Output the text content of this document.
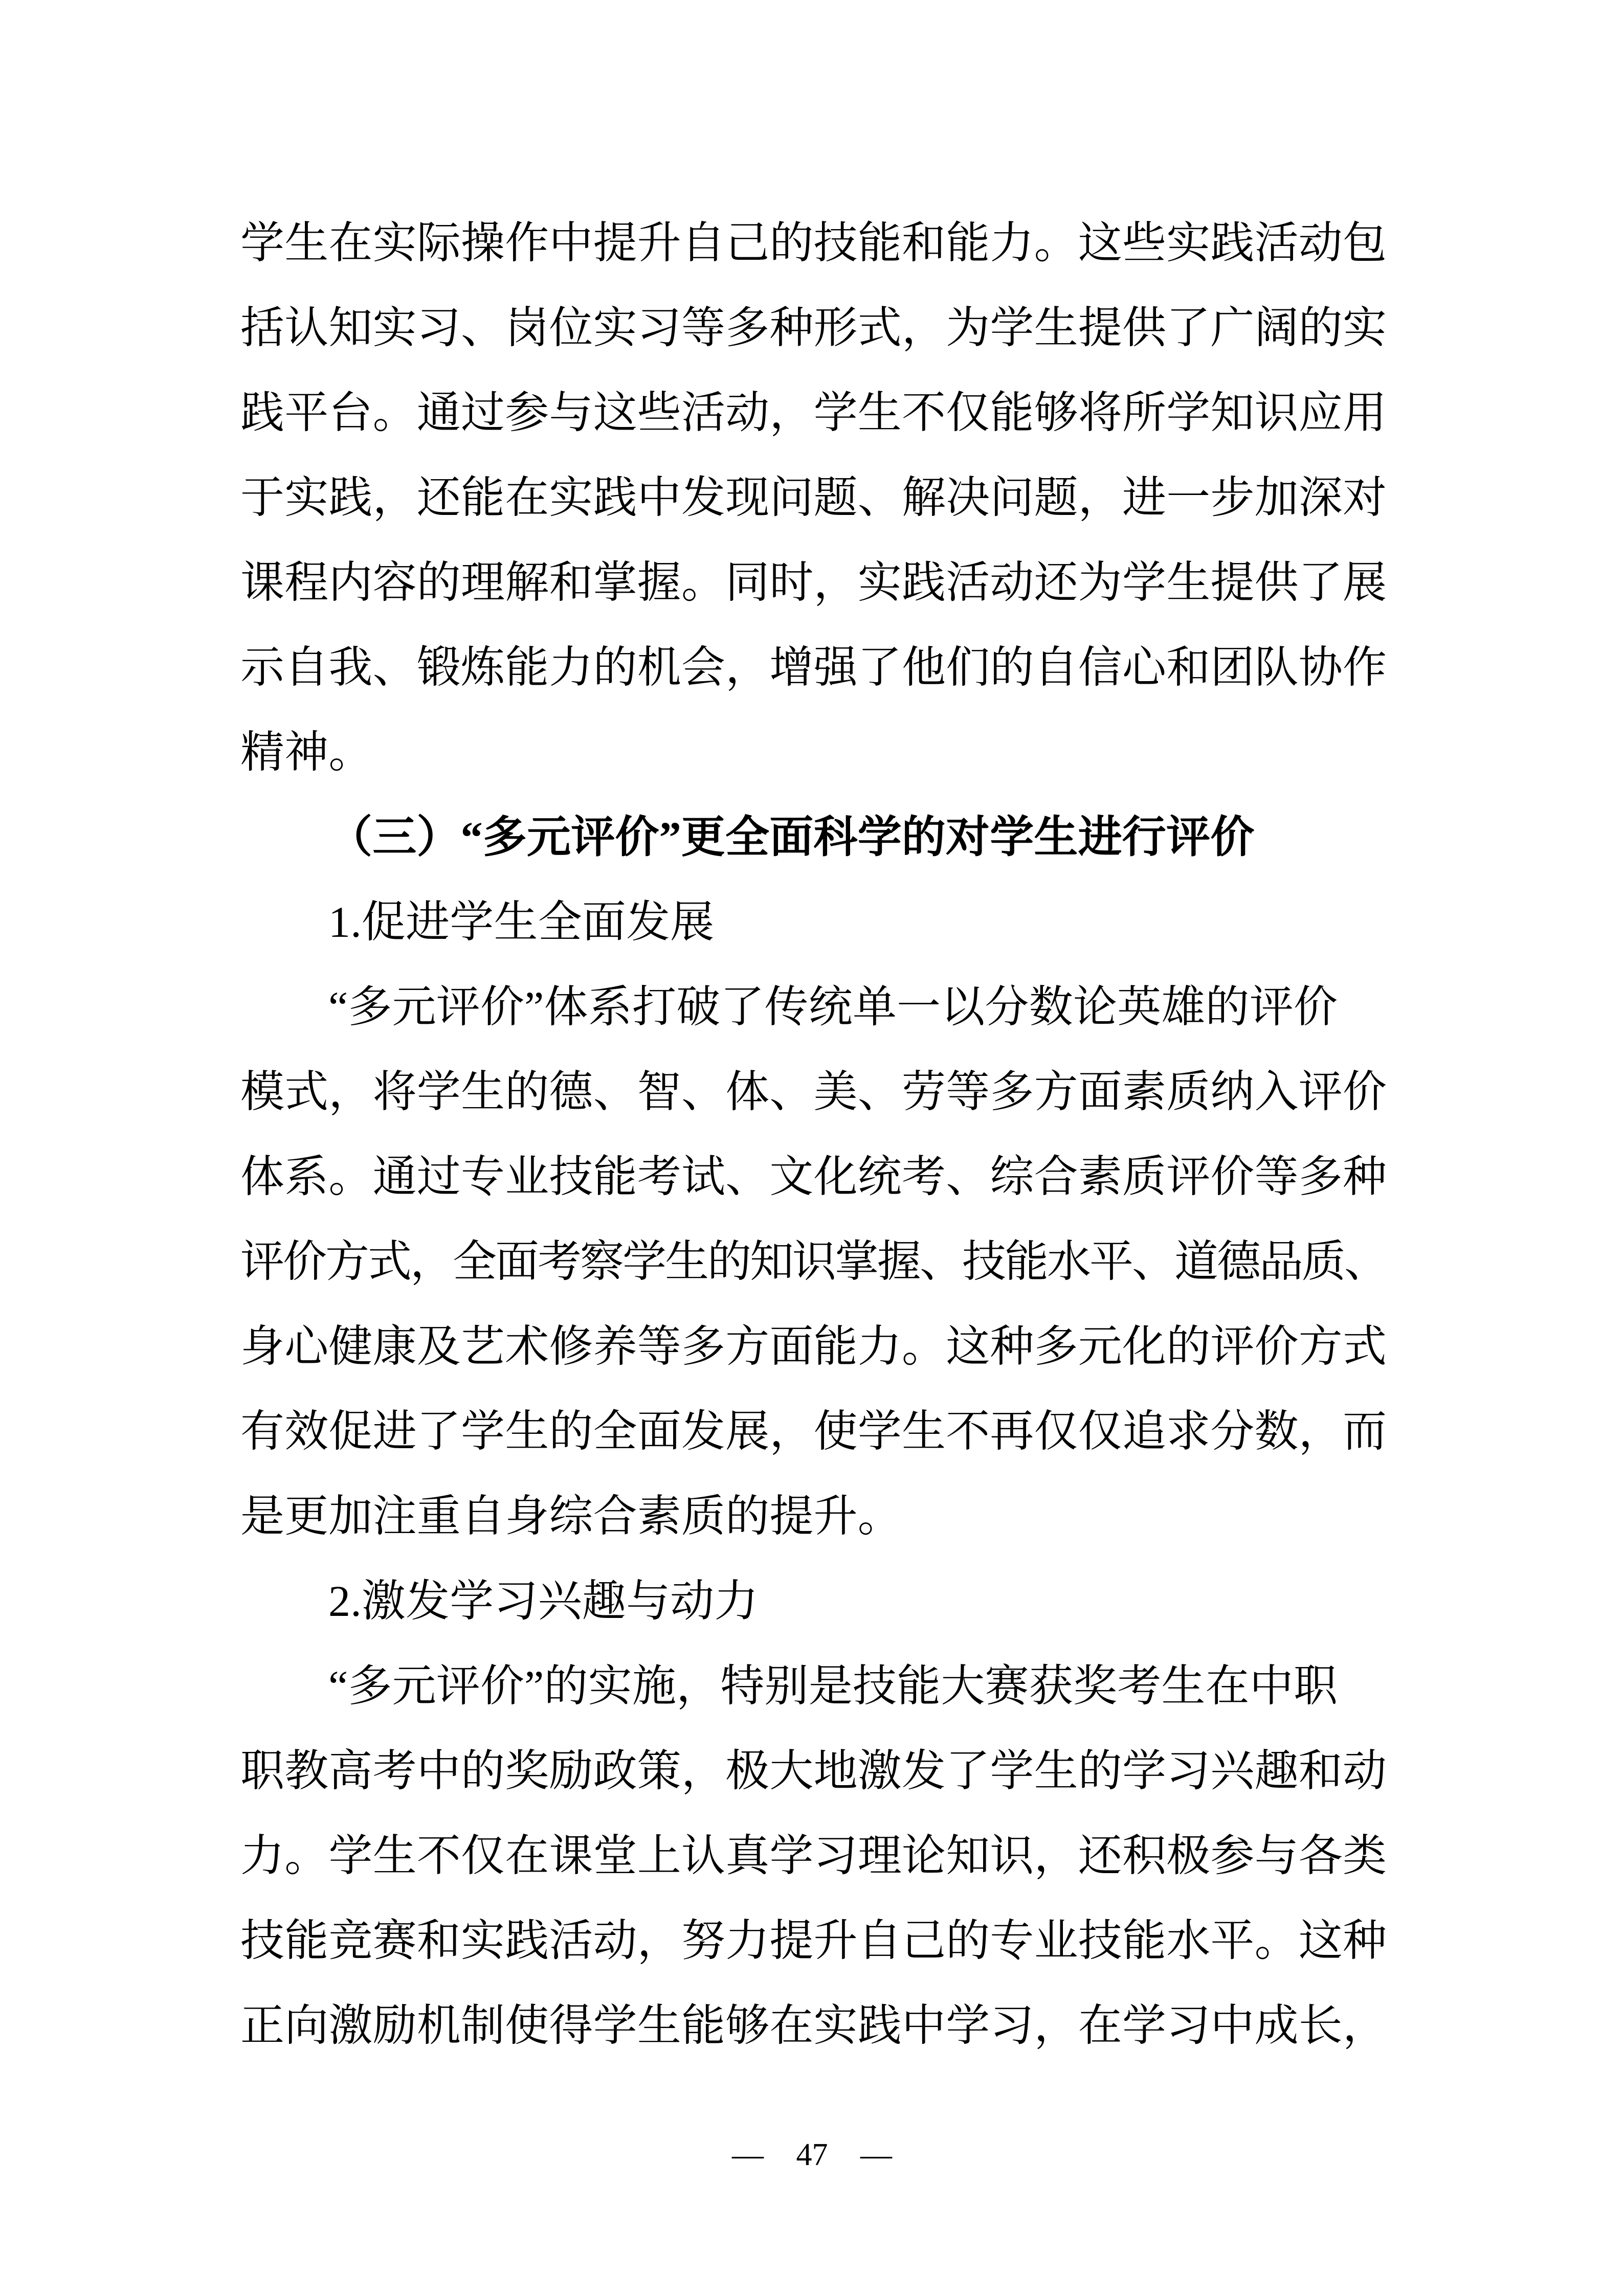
学生在实际操作中提升自己的技能和能力。这些实践活动包
括认知实习、岗位实习等多种形式，为学生提供了广阔的实
践平台。通过参与这些活动，学生不仅能够将所学知识应用
于实践，还能在实践中发现问题、解决问题，进一步加深对
课程内容的理解和掌握。同时，实践活动还为学生提供了展
示自我、锻炼能力的机会，增强了他们的自信心和团队协作
精神。
（三）“多元评价”更全面科学的对学生进行评价
1.促进学生全面发展
“多元评价”体系打破了传统单一以分数论英雄的评价
模式，将学生的德、智、体、美、劳等多方面素质纳入评价
体系。通过专业技能考试、文化统考、综合素质评价等多种
评价方式，全面考察学生的知识掌握、技能水平、道德品质、
身心健康及艺术修养等多方面能力。这种多元化的评价方式
有效促进了学生的全面发展，使学生不再仅仅追求分数，而
是更加注重自身综合素质的提升。
2.激发学习兴趣与动力
“多元评价”的实施，特别是技能大赛获奖考生在中职
职教高考中的奖励政策，极大地激发了学生的学习兴趣和动
力。学生不仅在课堂上认真学习理论知识，还积极参与各类
技能竞赛和实践活动，努力提升自己的专业技能水平。这种
正向激励机制使得学生能够在实践中学习，在学习中成长，
— 47 —
